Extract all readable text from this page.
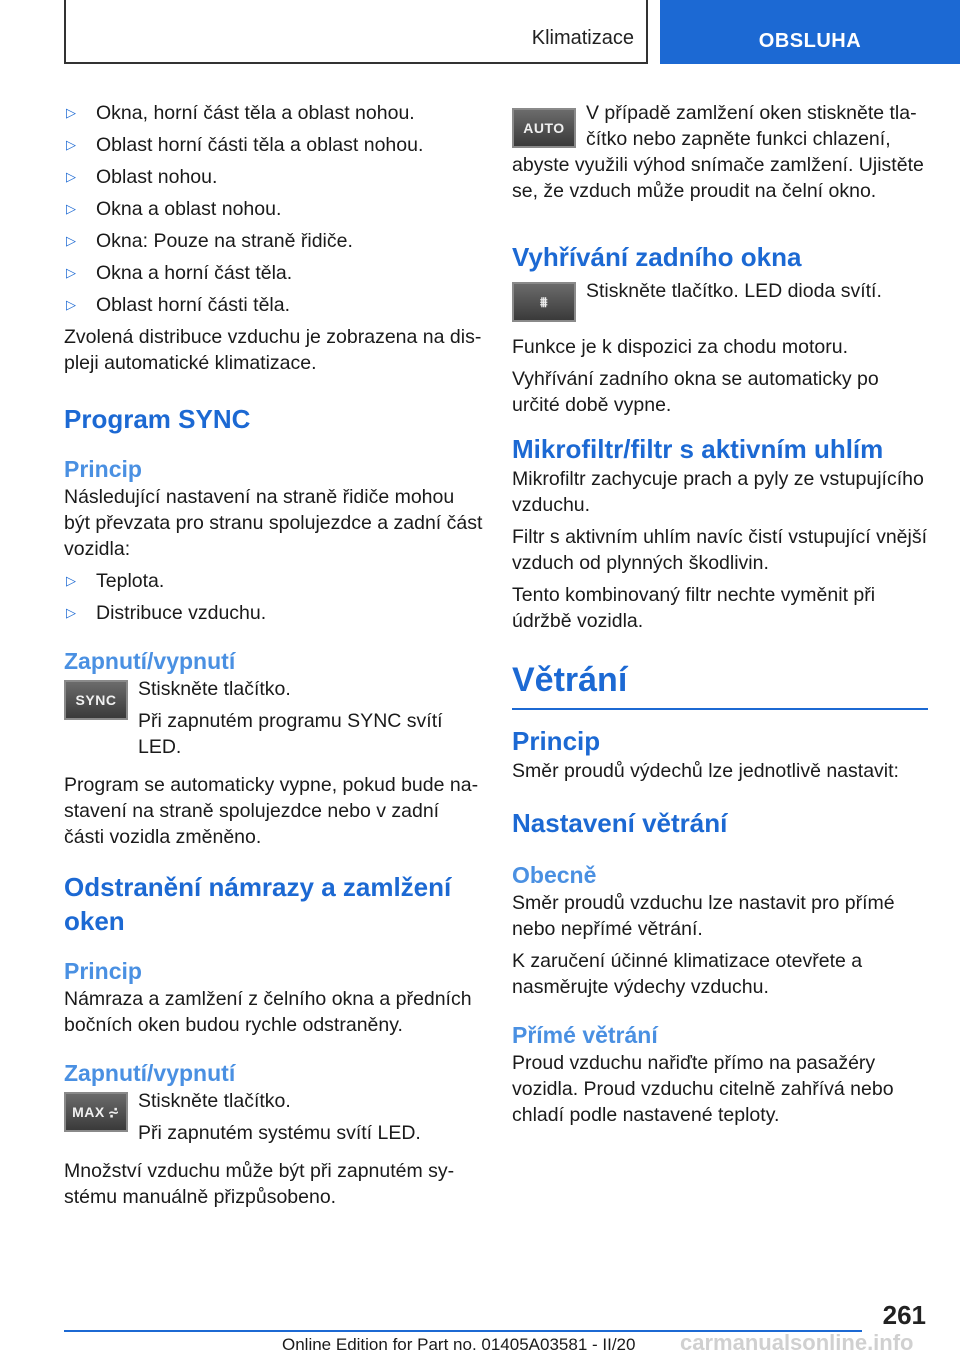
Klimatizace	OBSLUHA
▷	Okna, horní část těla a oblast nohou.

▷	Oblast horní části těla a oblast nohou.

▷	Oblast nohou.

▷	Okna a oblast nohou.

▷	Okna: Pouze na straně řidiče.

▷	Okna a horní část těla.

▷	Oblast horní části těla.

Zvolená distribuce vzduchu je zobrazena na displeji automatické klimatizace.

Program SYNC
Princip

Následující nastavení na straně řidiče mohou být převzata pro stranu spolujezdce a zadní část vozidla:

▷	Teplota.

▷	Distribuce vzduchu.

Zapnutí/vypnutí
SYNC	Stiskněte tlačítko.

Při zapnutém programu SYNC svítí LED.

Program se automaticky vypne, pokud bude nastavení na straně spolujezdce nebo v zadní části vozidla změněno.

Odstranění námrazy a zamlžení oken
Princip

Námraza a zamlžení z čelního okna a předních bočních oken budou rychle odstraněny.

Zapnutí/vypnutí
MAX ⩫ Stiskněte tlačítko.

Při zapnutém systému svítí LED.

Množství vzduchu může být při zapnutém systému manuálně přizpůsobeno.

AUTO

V případě zamlžení oken stiskněte tlačítko nebo zapněte funkci chlazení, abyste využili výhod snímače zamlžení. Ujistěte se, že vzduch může proudit na čelní okno.

Vyhřívání zadního okna
⩩	Stiskněte tlačítko. LED dioda svítí.

Funkce je k dispozici za chodu motoru.

Vyhřívání zadního okna se automaticky po určité době vypne.

Mikrofiltr/filtr s aktivním uhlím

Mikrofiltr zachycuje prach a pyly ze vstupujícího vzduchu.

Filtr s aktivním uhlím navíc čistí vstupující vnější vzduch od plynných škodlivin.

Tento kombinovaný filtr nechte vyměnit při údržbě vozidla.

Větrání
Princip

Směr proudů výdechů lze jednotlivě nastavit:

Nastavení větrání
Obecně

Směr proudů vzduchu lze nastavit pro přímé nebo nepřímé větrání.

K zaručení účinné klimatizace otevřete a nasměrujte výdechy vzduchu.

Přímé větrání

Proud vzduchu nařiďte přímo na pasažéry vozidla. Proud vzduchu citelně zahřívá nebo chladí podle nastavené teploty.

261
carmanualsonline.info
Online Edition for Part no. 01405A03581 - II/20
